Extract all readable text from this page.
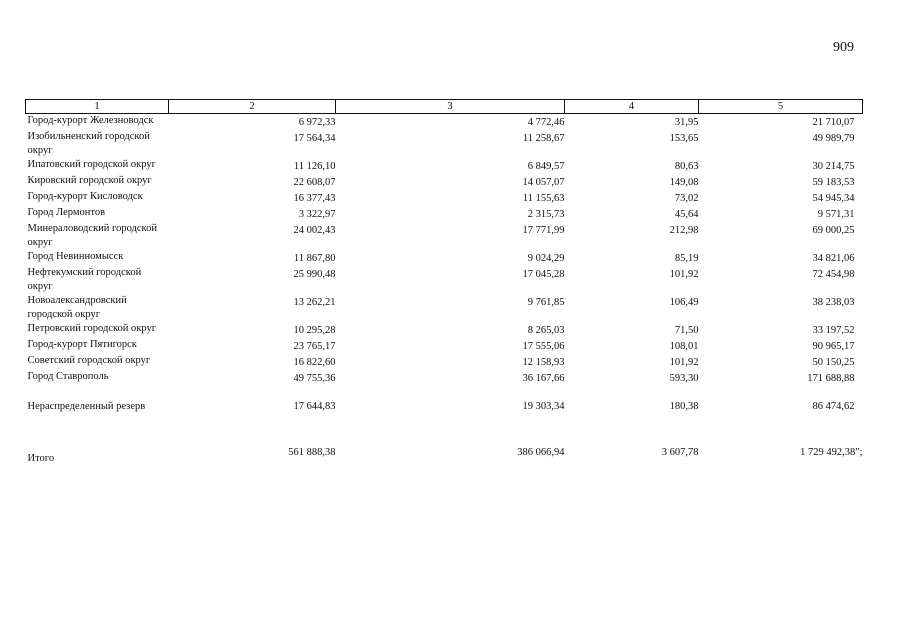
909
1	2	3	4	5
Город-курорт Железноводск	6 972,33	4 772,46	31,95	21 710,07
Изобильненский городской округ	17 564,34	11 258,67	153,65	49 989,79
Ипатовский городской округ	11 126,10	6 849,57	80,63	30 214,75
Кировский городской округ	22 608,07	14 057,07	149,08	59 183,53
Город-курорт Кисловодск	16 377,43	11 155,63	73,02	54 945,34
Город Лермонтов	3 322,97	2 315,73	45,64	9 571,31
Минераловодский городской округ	24 002,43	17 771,99	212,98	69 000,25
Город Невинномысск	11 867,80	9 024,29	85,19	34 821,06
Нефтекумский городской округ	25 990,48	17 045,28	101,92	72 454,98
Новоалександровский городской округ	13 262,21	9 761,85	106,49	38 238,03
Петровский городской округ	10 295,28	8 265,03	71,50	33 197,52
Город-курорт Пятигорск	23 765,17	17 555,06	108,01	90 965,17
Советский городской округ	16 822,60	12 158,93	101,92	50 150,25
Город Ставрополь	49 755,36	36 167,66	593,30	171 688,88
Нераспределенный резерв	17 644,83	19 303,34	180,38	86 474,62
Итого	561 888,38	386 066,94	3 607,78	1 729 492,38";
